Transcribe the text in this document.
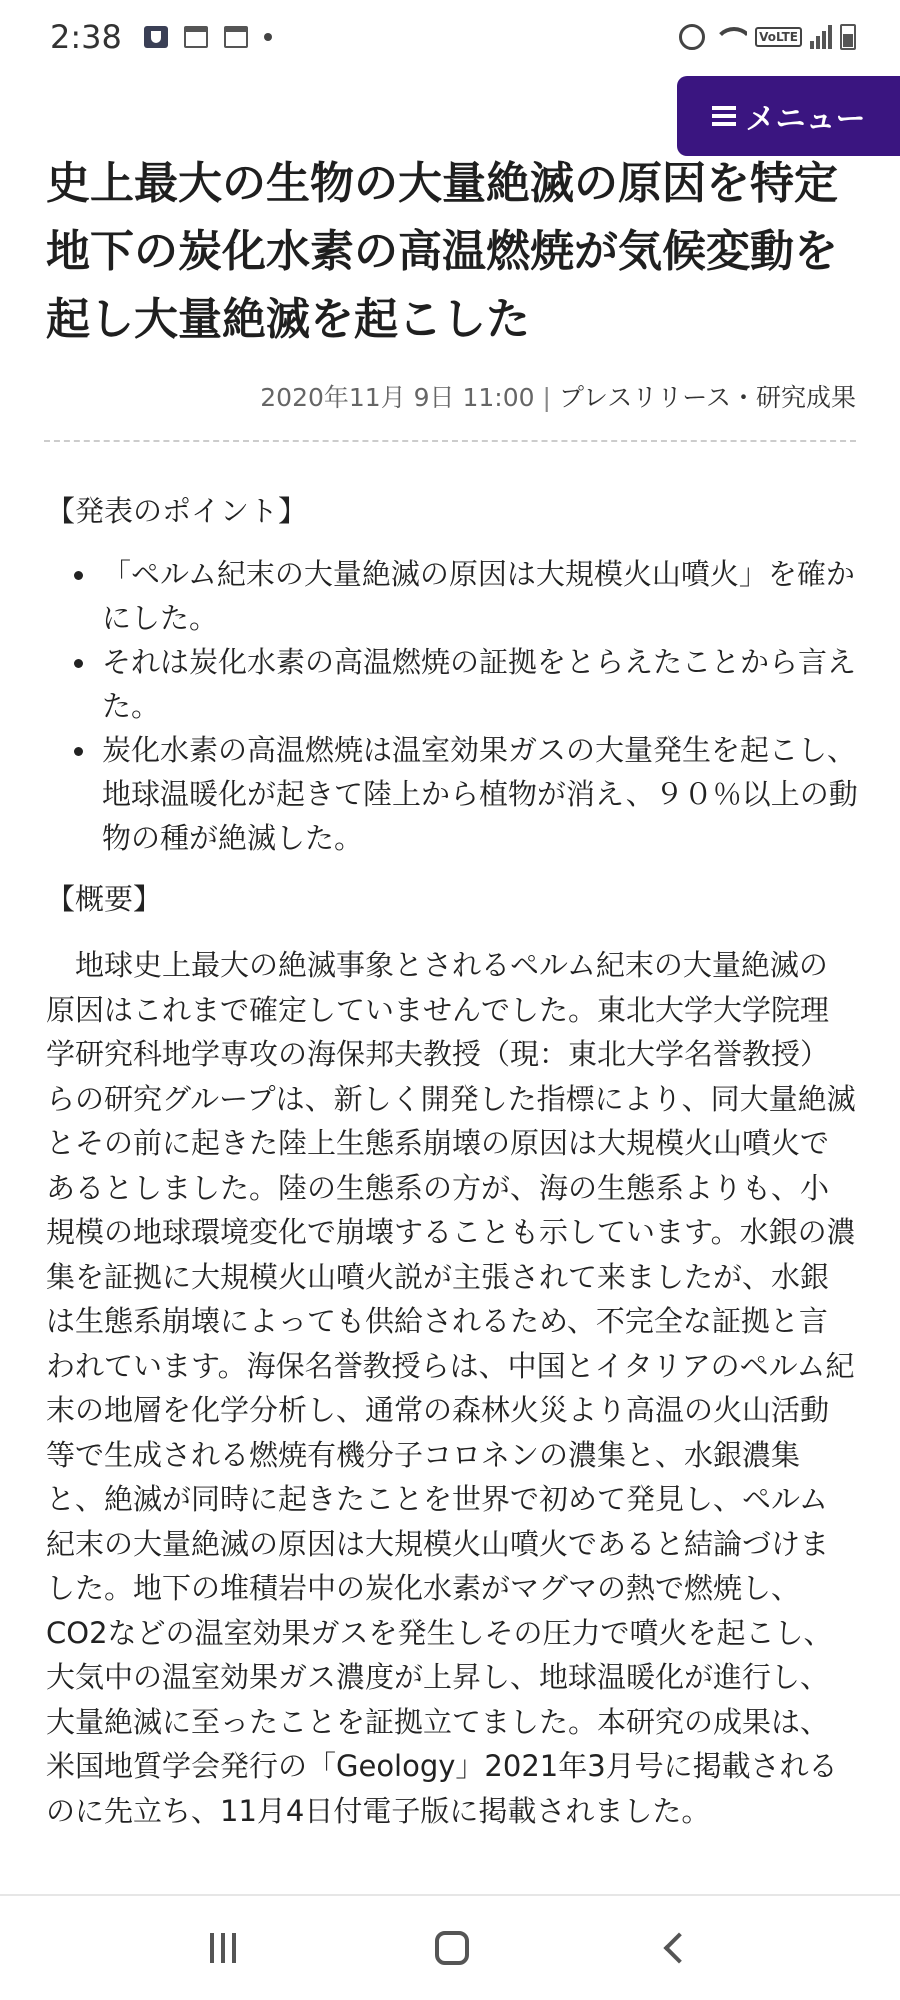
2:38	VoLTE
メニュー
史上最大の生物の大量絶滅の原因を特定 地下の炭化水素の高温燃焼が気候変動を起し大量絶滅を起こした
2020年11月 9日 11:00 | プレスリリース・研究成果
【発表のポイント】
「ペルム紀末の大量絶滅の原因は大規模火山噴火」を確かにした。
それは炭化水素の高温燃焼の証拠をとらえたことから言えた。
炭化水素の高温燃焼は温室効果ガスの大量発生を起こし、地球温暖化が起きて陸上から植物が消え、９０％以上の動物の種が絶滅した。
【概要】

地球史上最大の絶滅事象とされるペルム紀末の大量絶滅の原因はこれまで確定していませんでした。東北大学大学院理学研究科地学専攻の海保邦夫教授（現：東北大学名誉教授）らの研究グループは、新しく開発した指標により、同大量絶滅とその前に起きた陸上生態系崩壊の原因は大規模火山噴火であるとしました。陸の生態系の方が、海の生態系よりも、小規模の地球環境変化で崩壊することも示しています。水銀の濃集を証拠に大規模火山噴火説が主張されて来ましたが、水銀は生態系崩壊によっても供給されるため、不完全な証拠と言われています。海保名誉教授らは、中国とイタリアのペルム紀末の地層を化学分析し、通常の森林火災より高温の火山活動等で生成される燃焼有機分子コロネンの濃集と、水銀濃集と、絶滅が同時に起きたことを世界で初めて発見し、ペルム紀末の大量絶滅の原因は大規模火山噴火であると結論づけました。地下の堆積岩中の炭化水素がマグマの熱で燃焼し、CO2などの温室効果ガスを発生しその圧力で噴火を起こし、大気中の温室効果ガス濃度が上昇し、地球温暖化が進行し、大量絶滅に至ったことを証拠立てました。本研究の成果は、米国地質学会発行の「Geology」2021年3月号に掲載されるのに先立ち、11月4日付電子版に掲載されました。
